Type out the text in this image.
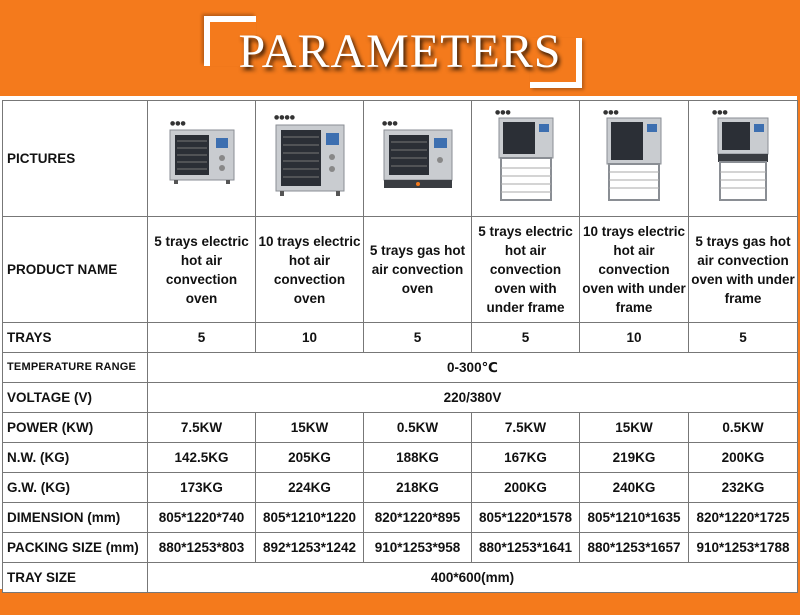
PARAMETERS
PICTURES	●●●	●●●●	●●●	●●●	●●●	●●●

PRODUCT NAME	5 trays electric hot air convection oven	10 trays electric hot air convection oven	5 trays gas hot air convection oven	5 trays electric hot air convection oven with under frame	10 trays electric hot air convection oven with under frame	5 trays gas hot air convection oven with under frame
TRAYS	5	10	5	5	10	5
TEMPERATURE RANGE	0-300℃					
VOLTAGE (V)	220/380V					
POWER (KW)	7.5KW	15KW	0.5KW	7.5KW	15KW	0.5KW
N.W. (KG)	142.5KG	205KG	188KG	167KG	219KG	200KG
G.W. (KG)	173KG	224KG	218KG	200KG	240KG	232KG
DIMENSION (mm)	805*1220*740	805*1210*1220	820*1220*895	805*1220*1578	805*1210*1635	820*1220*1725
PACKING SIZE (mm)	880*1253*803	892*1253*1242	910*1253*958	880*1253*1641	880*1253*1657	910*1253*1788
TRAY SIZE	400*600(mm)					
